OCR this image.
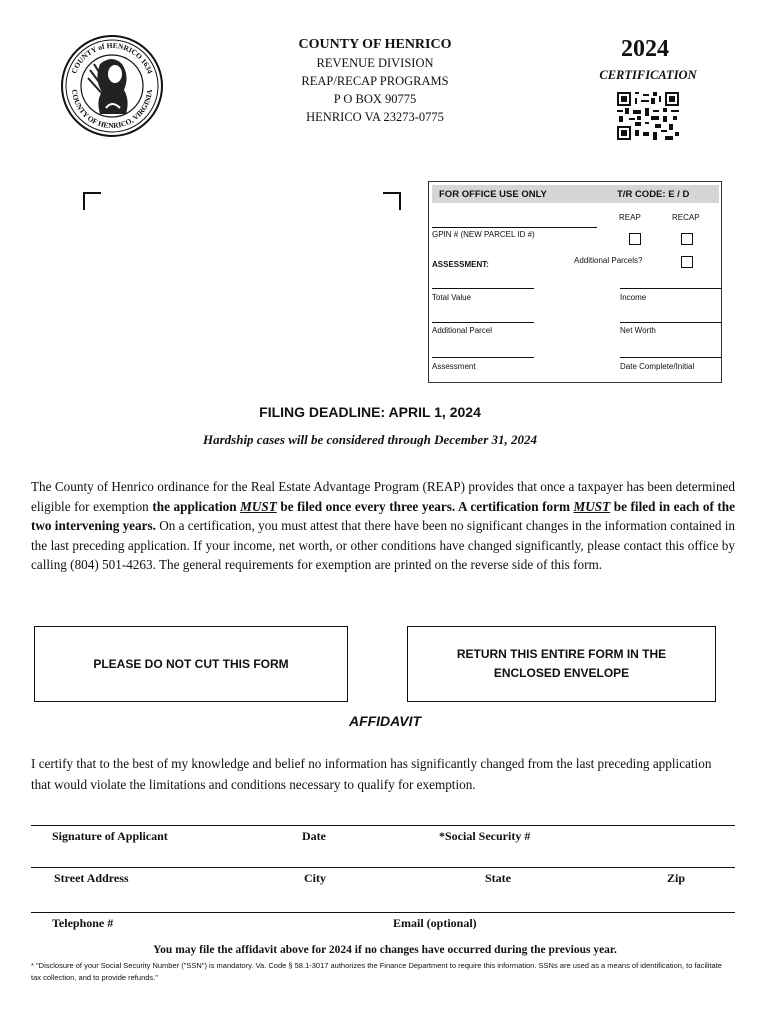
COUNTY of HENRICO 1634
COUNTY OF HENRICO, VIRGINIA
COUNTY OF HENRICO
REVENUE DIVISION
REAP/RECAP PROGRAMS
P O BOX 90775
HENRICO VA 23273-0775
2024
CERTIFICATION
FOR OFFICE USE ONLY	T/R CODE: E / D
REAP	RECAP
GPIN # (NEW PARCEL ID #)
ASSESSMENT:	Additional Parcels?
Total Value	Income
Additional Parcel	Net Worth
Assessment	Date Complete/Initial
FILING DEADLINE: APRIL 1, 2024
Hardship cases will be considered through December 31, 2024
The County of Henrico ordinance for the Real Estate Advantage Program (REAP) provides that once a taxpayer has been determined eligible for exemption the application MUST be filed once every three years. A certification form MUST be filed in each of the two intervening years. On a certification, you must attest that there have been no significant changes in the information contained in the last preceding application. If your income, net worth, or other conditions have changed significantly, please contact this office by calling (804) 501-4263. The general requirements for exemption are printed on the reverse side of this form.
PLEASE DO NOT CUT THIS FORM
RETURN THIS ENTIRE FORM IN THE
ENCLOSED ENVELOPE
AFFIDAVIT
I certify that to the best of my knowledge and belief no information has significantly changed from the last preceding application that would violate the limitations and conditions necessary to qualify for exemption.
Signature of Applicant	Date	*Social Security #
Street Address	City	State	Zip
Telephone #	Email (optional)
You may file the affidavit above for 2024 if no changes have occurred during the previous year.
* "Disclosure of your Social Security Number ("SSN") is mandatory. Va. Code § 58.1-3017 authorizes the Finance Department to require this information. SSNs are used as a means of identification, to facilitate tax collection, and to provide refunds."
